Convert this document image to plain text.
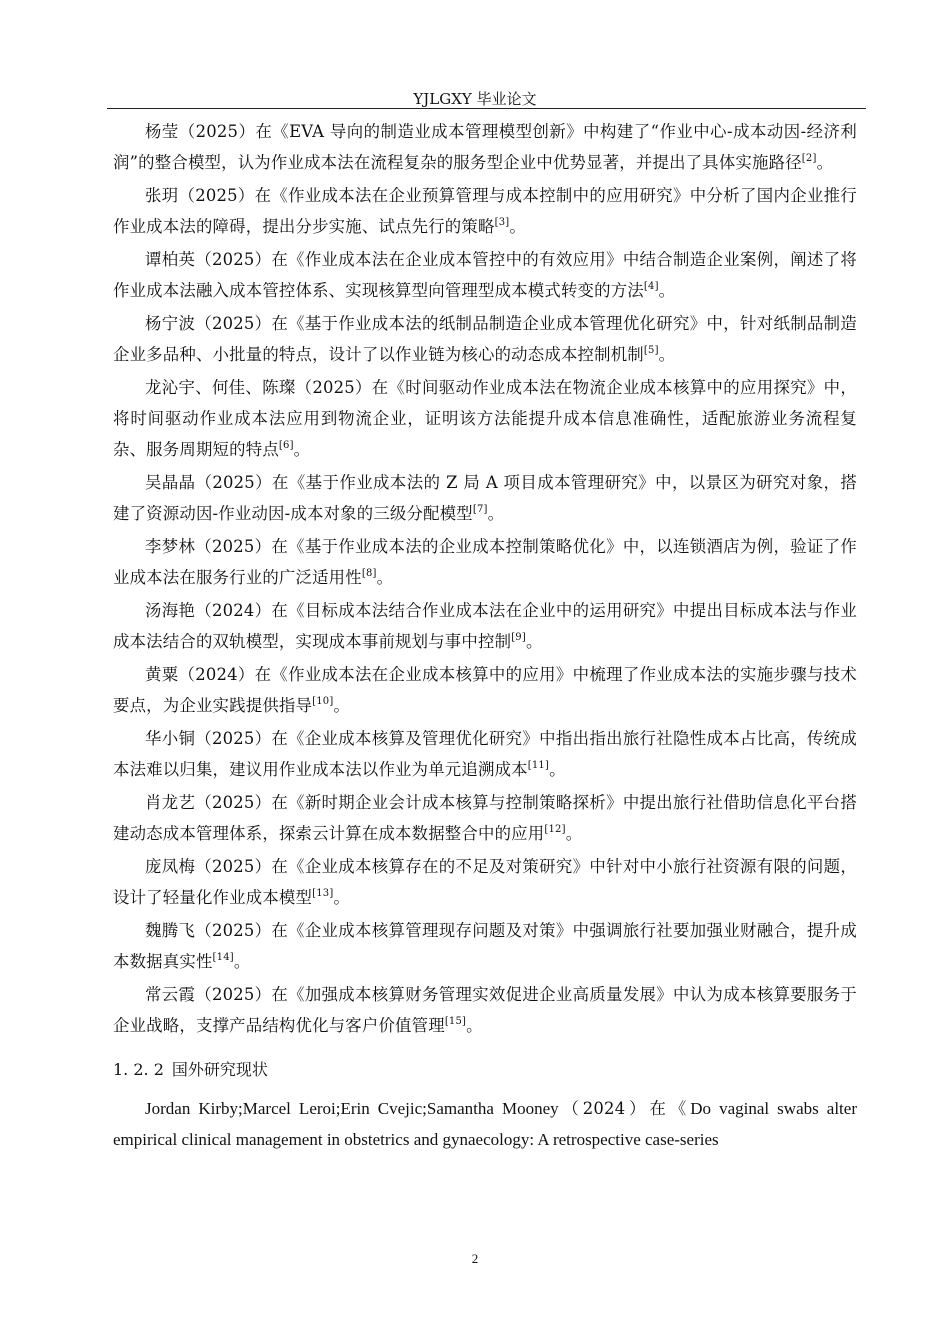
YJLGXY 毕业论文

杨莹（2025）在《EVA 导向的制造业成本管理模型创新》中构建了“作业中心-成本动因-经济利润”的整合模型，认为作业成本法在流程复杂的服务型企业中优势显著，并提出了具体实施路径[2]。

张玥（2025）在《作业成本法在企业预算管理与成本控制中的应用研究》中分析了国内企业推行作业成本法的障碍，提出分步实施、试点先行的策略[3]。

谭柏英（2025）在《作业成本法在企业成本管控中的有效应用》中结合制造企业案例，阐述了将作业成本法融入成本管控体系、实现核算型向管理型成本模式转变的方法[4]。

杨宁波（2025）在《基于作业成本法的纸制品制造企业成本管理优化研究》中，针对纸制品制造企业多品种、小批量的特点，设计了以作业链为核心的动态成本控制机制[5]。

龙沁宇、何佳、陈璨（2025）在《时间驱动作业成本法在物流企业成本核算中的应用探究》中，将时间驱动作业成本法应用到物流企业，证明该方法能提升成本信息准确性，适配旅游业务流程复杂、服务周期短的特点[6]。

吴晶晶（2025）在《基于作业成本法的 Z 局 A 项目成本管理研究》中，以景区为研究对象，搭建了资源动因-作业动因-成本对象的三级分配模型[7]。

李梦林（2025）在《基于作业成本法的企业成本控制策略优化》中，以连锁酒店为例，验证了作业成本法在服务行业的广泛适用性[8]。

汤海艳（2024）在《目标成本法结合作业成本法在企业中的运用研究》中提出目标成本法与作业成本法结合的双轨模型，实现成本事前规划与事中控制[9]。

黄粟（2024）在《作业成本法在企业成本核算中的应用》中梳理了作业成本法的实施步骤与技术要点，为企业实践提供指导[10]。

华小铜（2025）在《企业成本核算及管理优化研究》中指出指出旅行社隐性成本占比高，传统成本法难以归集，建议用作业成本法以作业为单元追溯成本[11]。

肖龙艺（2025）在《新时期企业会计成本核算与控制策略探析》中提出旅行社借助信息化平台搭建动态成本管理体系，探索云计算在成本数据整合中的应用[12]。

庞凤梅（2025）在《企业成本核算存在的不足及对策研究》中针对中小旅行社资源有限的问题，设计了轻量化作业成本模型[13]。

魏腾飞（2025）在《企业成本核算管理现存问题及对策》中强调旅行社要加强业财融合，提升成本数据真实性[14]。

常云霞（2025）在《加强成本核算财务管理实效促进企业高质量发展》中认为成本核算要服务于企业战略，支撑产品结构优化与客户价值管理[15]。

1. 2. 2 国外研究现状

Jordan Kirby;Marcel Leroi;Erin Cvejic;Samantha Mooney（2024）在《Do vaginal swabs alter empirical clinical management in obstetrics and gynaecology: A retrospective case-series

2
